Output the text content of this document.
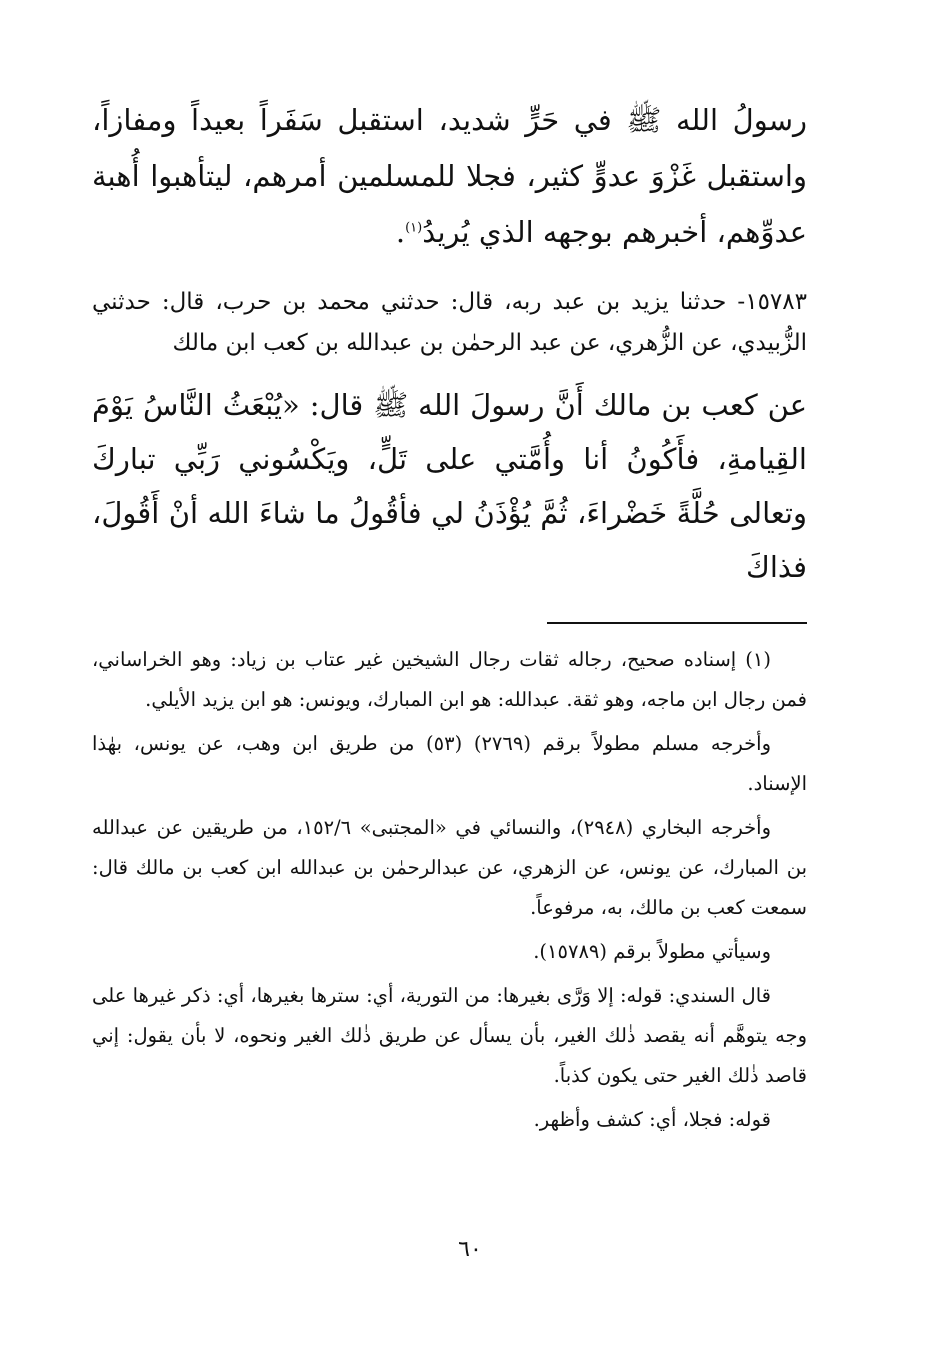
رسولُ الله ﷺ في حَرٍّ شديد، استقبل سَفَراً بعيداً ومفازاً، واستقبل غَزْوَ عدوٍّ كثير، فجلا للمسلمين أمرهم، ليتأهبوا أُهبة عدوِّهم، أخبرهم بوجهه الذي يُريدُ$^{(١)}$.

١٥٧٨٣- حدثنا يزيد بن عبد ربه، قال: حدثني محمد بن حرب، قال: حدثني الزُّبيدي، عن الزُّهري، عن عبد الرحمٰن بن عبدالله بن كعب ابن مالك

عن كعب بن مالك أَنَّ رسولَ الله ﷺ قال: «يُبْعَثُ النَّاسُ يَوْمَ القِيامةِ، فأَكُونُ أنا وأُمَّتي على تَلٍّ، ويَكْسُوني رَبِّي تباركَ وتعالى حُلَّةً خَضْراءَ، ثُمَّ يُؤْذَنُ لي فأقُولُ ما شاءَ الله أنْ أَقُولَ، فذاكَ

(١) إسناده صحيح، رجاله ثقات رجال الشيخين غير عتاب بن زياد: وهو الخراساني، فمن رجال ابن ماجه، وهو ثقة. عبدالله: هو ابن المبارك، ويونس: هو ابن يزيد الأيلي.

وأخرجه مسلم مطولاً برقم (٢٧٦٩) (٥٣) من طريق ابن وهب، عن يونس، بهٰذا الإسناد.

وأخرجه البخاري (٢٩٤٨)، والنسائي في «المجتبى» ١٥٢/٦، من طريقين عن عبدالله بن المبارك، عن يونس، عن الزهري، عن عبدالرحمٰن بن عبدالله ابن كعب بن مالك قال: سمعت كعب بن مالك، به، مرفوعاً.

وسيأتي مطولاً برقم (١٥٧٨٩).

قال السندي: قوله: إلا وَرَّى بغيرها: من التورية، أي: سترها بغيرها، أي: ذكر غيرها على وجه يتوهَّم أنه يقصد ذٰلك الغير، بأن يسأل عن طريق ذٰلك الغير ونحوه، لا بأن يقول: إني قاصد ذٰلك الغير حتى يكون كذباً.

قوله: فجلا، أي: كشف وأظهر.

٦٠
